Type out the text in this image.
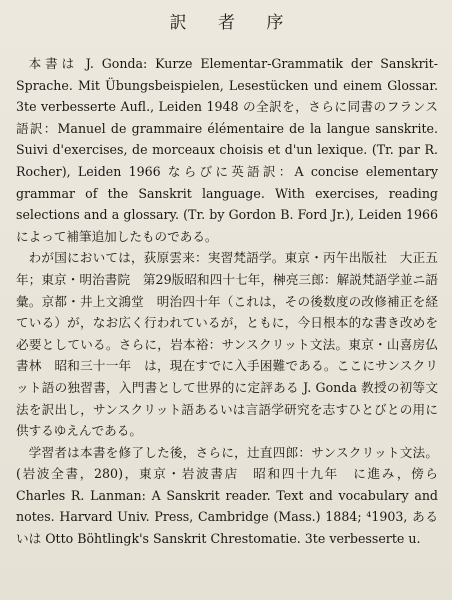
訳 者 序

本書は J. Gonda: Kurze Elementar-Grammatik der Sanskrit-Sprache. Mit Übungsbeispielen, Lesestücken und einem Glossar. 3te verbesserte Aufl., Leiden 1948 の全訳を，さらに同書のフランス語訳：Manuel de grammaire élémentaire de la langue sanskrite. Suivi d'exercises, de morceaux choisis et d'un lexique. (Tr. par R. Rocher), Leiden 1966 ならびに英語訳：A concise elementary grammar of the Sanskrit language. With exercises, reading selections and a glossary. (Tr. by Gordon B. Ford Jr.), Leiden 1966 によって補筆追加したものである。

わが国においては，荻原雲来：実習梵語学。東京・丙午出版社　大正五年；東京・明治書院　第29版昭和四十七年，榊亮三郎：解説梵語学並ニ語彙。京都・井上文鴻堂　明治四十年（これは，その後数度の改修補正を経ている）が，なお広く行われているが，ともに，今日根本的な書き改めを必要としている。さらに，岩本裕：サンスクリット文法。東京・山喜房仏書林　昭和三十一年　は，現在すでに入手困難である。ここにサンスクリット語の独習書，入門書として世界的に定評ある J. Gonda 教授の初等文法を訳出し，サンスクリット語あるいは言語学研究を志すひとびとの用に供するゆえんである。

学習者は本書を修了した後，さらに，辻直四郎：サンスクリット文法。(岩波全書，280)，東京・岩波書店　昭和四十九年　に進み，傍ら Charles R. Lanman: A Sanskrit reader. Text and vocabulary and notes. Harvard Univ. Press, Cambridge (Mass.) 1884; ⁴1903, あるいは Otto Böhtlingk's Sanskrit Chrestomatie. 3te verbesserte u.
